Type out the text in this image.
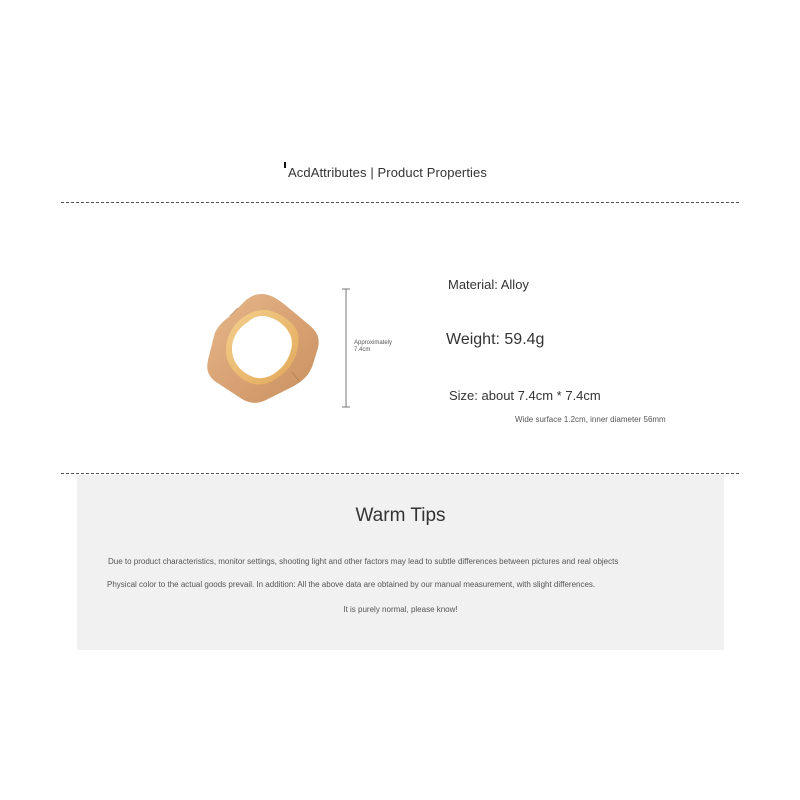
AcdAttributes | Product Properties
Approximately
7.4cm
Material: Alloy
Weight: 59.4g
Size: about 7.4cm * 7.4cm
Wide surface 1.2cm, inner diameter 56mm
Warm Tips
Due to product characteristics, monitor settings, shooting light and other factors may lead to subtle differences between pictures and real objects
Physical color to the actual goods prevail. In addition: All the above data are obtained by our manual measurement, with slight differences.
It is purely normal, please know!
